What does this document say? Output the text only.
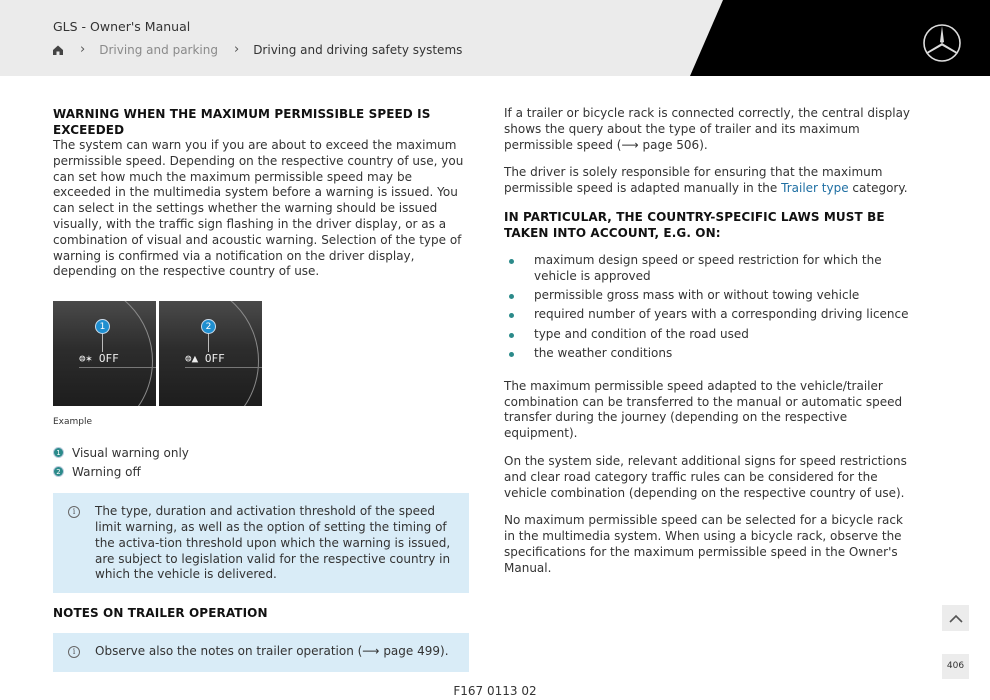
GLS - Owner's Manual
› Driving and parking › Driving and driving safety systems
WARNING WHEN THE MAXIMUM PERMISSIBLE SPEED IS EXCEEDED

The system can warn you if you are about to exceed the maximum permissible speed. Depending on the respective country of use, you can set how much the maximum permissible speed may be exceeded in the multimedia system before a warning is issued. You can select in the settings whether the warning should be issued visually, with the traffic sign flashing in the driver display, or as a combination of visual and acoustic warning. Selection of the type of warning is confirmed via a notification on the driver display, depending on the respective country of use.

1
⊜✶ OFF
2
⊜▲ OFF
Example
1 Visual warning only
2 Warning off
i	The type, duration and activation threshold of the speed limit warning, as well as the option of setting the timing of the activa-tion threshold upon which the warning is issued, are subject to legislation valid for the respective country in which the vehicle is delivered.
NOTES ON TRAILER OPERATION
i	Observe also the notes on trailer operation (⟶ page 499).

If a trailer or bicycle rack is connected correctly, the central display shows the query about the type of trailer and its maximum permissible speed (⟶ page 506).

The driver is solely responsible for ensuring that the maximum permissible speed is adapted manually in the Trailer type category.

IN PARTICULAR, THE COUNTRY-SPECIFIC LAWS MUST BE TAKEN INTO ACCOUNT, E.G. ON:
maximum design speed or speed restriction for which the vehicle is approved
permissible gross mass with or without towing vehicle
required number of years with a corresponding driving licence
type and condition of the road used
the weather conditions

The maximum permissible speed adapted to the vehicle/trailer combination can be transferred to the manual or automatic speed transfer during the journey (depending on the respective equipment).

On the system side, relevant additional signs for speed restrictions and clear road category traffic rules can be considered for the vehicle combination (depending on the respective country of use).

No maximum permissible speed can be selected for a bicycle rack in the multimedia system. When using a bicycle rack, observe the specifications for the maximum permissible speed in the Owner's Manual.

406
F167 0113 02
